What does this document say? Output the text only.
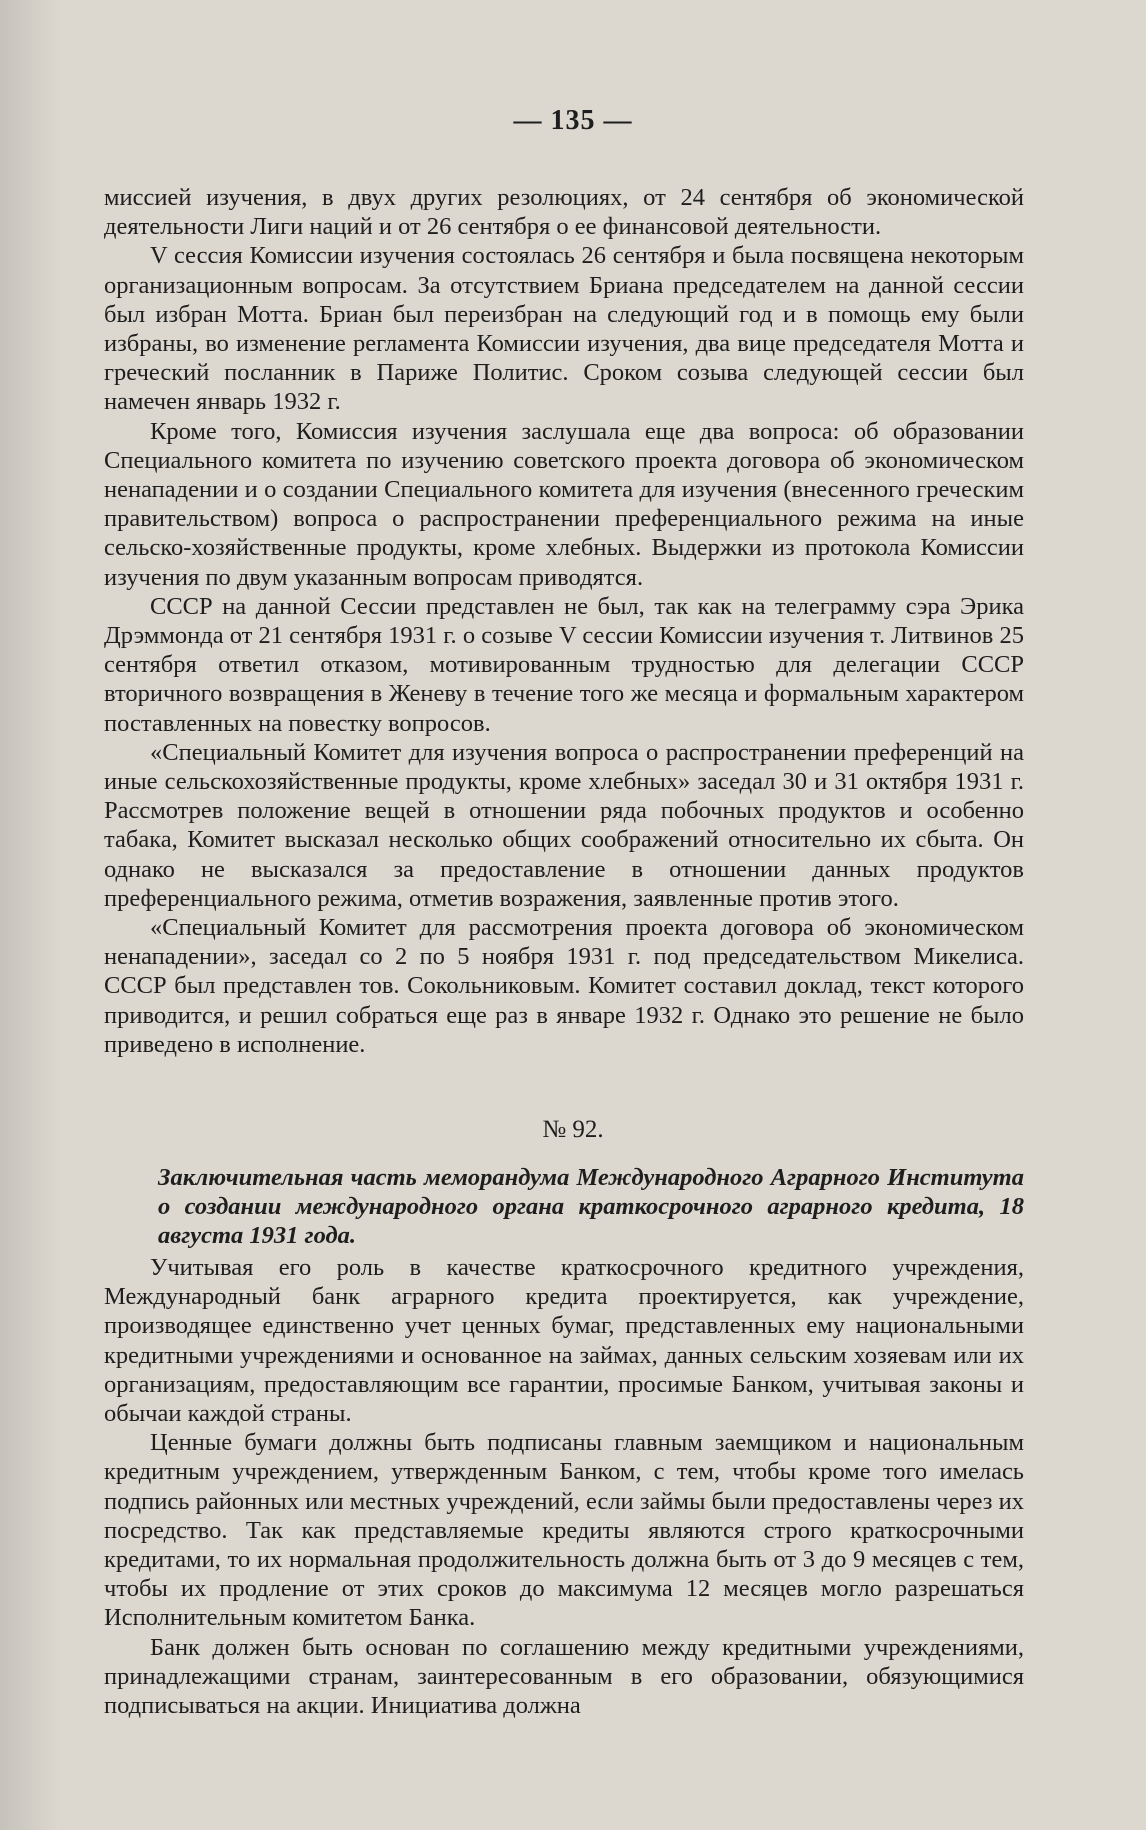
— 135 —

миссией изучения, в двух других резолюциях, от 24 сентября об экономической деятельности Лиги наций и от 26 сентября о ее финансовой деятельности.

V сессия Комиссии изучения состоялась 26 сентября и была посвящена некоторым организационным вопросам. За отсутствием Бриана председателем на данной сессии был избран Мотта. Бриан был переизбран на следующий год и в помощь ему были избраны, во изменение регламента Комиссии изучения, два вице председателя Мотта и греческий посланник в Париже Политис. Сроком созыва следующей сессии был намечен январь 1932 г.

Кроме того, Комиссия изучения заслушала еще два вопроса: об образовании Специального комитета по изучению советского проекта договора об экономическом ненападении и о создании Специального комитета для изучения (внесенного греческим правительством) вопроса о распространении преференциального режима на иные сельско-хозяйственные продукты, кроме хлебных. Выдержки из протокола Комиссии изучения по двум указанным вопросам приводятся.

СССР на данной Сессии представлен не был, так как на телеграмму сэра Эрика Дрэммонда от 21 сентября 1931 г. о созыве V сессии Комиссии изучения т. Литвинов 25 сентября ответил отказом, мотивированным трудностью для делегации СССР вторичного возвращения в Женеву в течение того же месяца и формальным характером поставленных на повестку вопросов.

«Специальный Комитет для изучения вопроса о распространении преференций на иные сельскохозяйственные продукты, кроме хлебных» заседал 30 и 31 октября 1931 г. Рассмотрев положение вещей в отношении ряда побочных продуктов и особенно табака, Комитет высказал несколько общих соображений относительно их сбыта. Он однако не высказался за предоставление в отношении данных продуктов преференциального режима, отметив возражения, заявленные против этого.

«Специальный Комитет для рассмотрения проекта договора об экономическом ненападении», заседал со 2 по 5 ноября 1931 г. под председательством Микелиса. СССР был представлен тов. Сокольниковым. Комитет составил доклад, текст которого приводится, и решил собраться еще раз в январе 1932 г. Однако это решение не было приведено в исполнение.

№ 92.
Заключительная часть меморандума Международного Аграрного Института о создании международного органа краткосрочного аграрного кредита, 18 августа 1931 года.

Учитывая его роль в качестве краткосрочного кредитного учреждения, Международный банк аграрного кредита проектируется, как учреждение, производящее единственно учет ценных бумаг, представленных ему национальными кредитными учреждениями и основанное на займах, данных сельским хозяевам или их организациям, предоставляющим все гарантии, просимые Банком, учитывая законы и обычаи каждой страны.

Ценные бумаги должны быть подписаны главным заемщиком и национальным кредитным учреждением, утвержденным Банком, с тем, чтобы кроме того имелась подпись районных или местных учреждений, если займы были предоставлены через их посредство. Так как представляемые кредиты являются строго краткосрочными кредитами, то их нормальная продолжительность должна быть от 3 до 9 месяцев с тем, чтобы их продление от этих сроков до максимума 12 месяцев могло разрешаться Исполнительным комитетом Банка.

Банк должен быть основан по соглашению между кредитными учреждениями, принадлежащими странам, заинтересованным в его образовании, обязующимися подписываться на акции. Инициатива должна
